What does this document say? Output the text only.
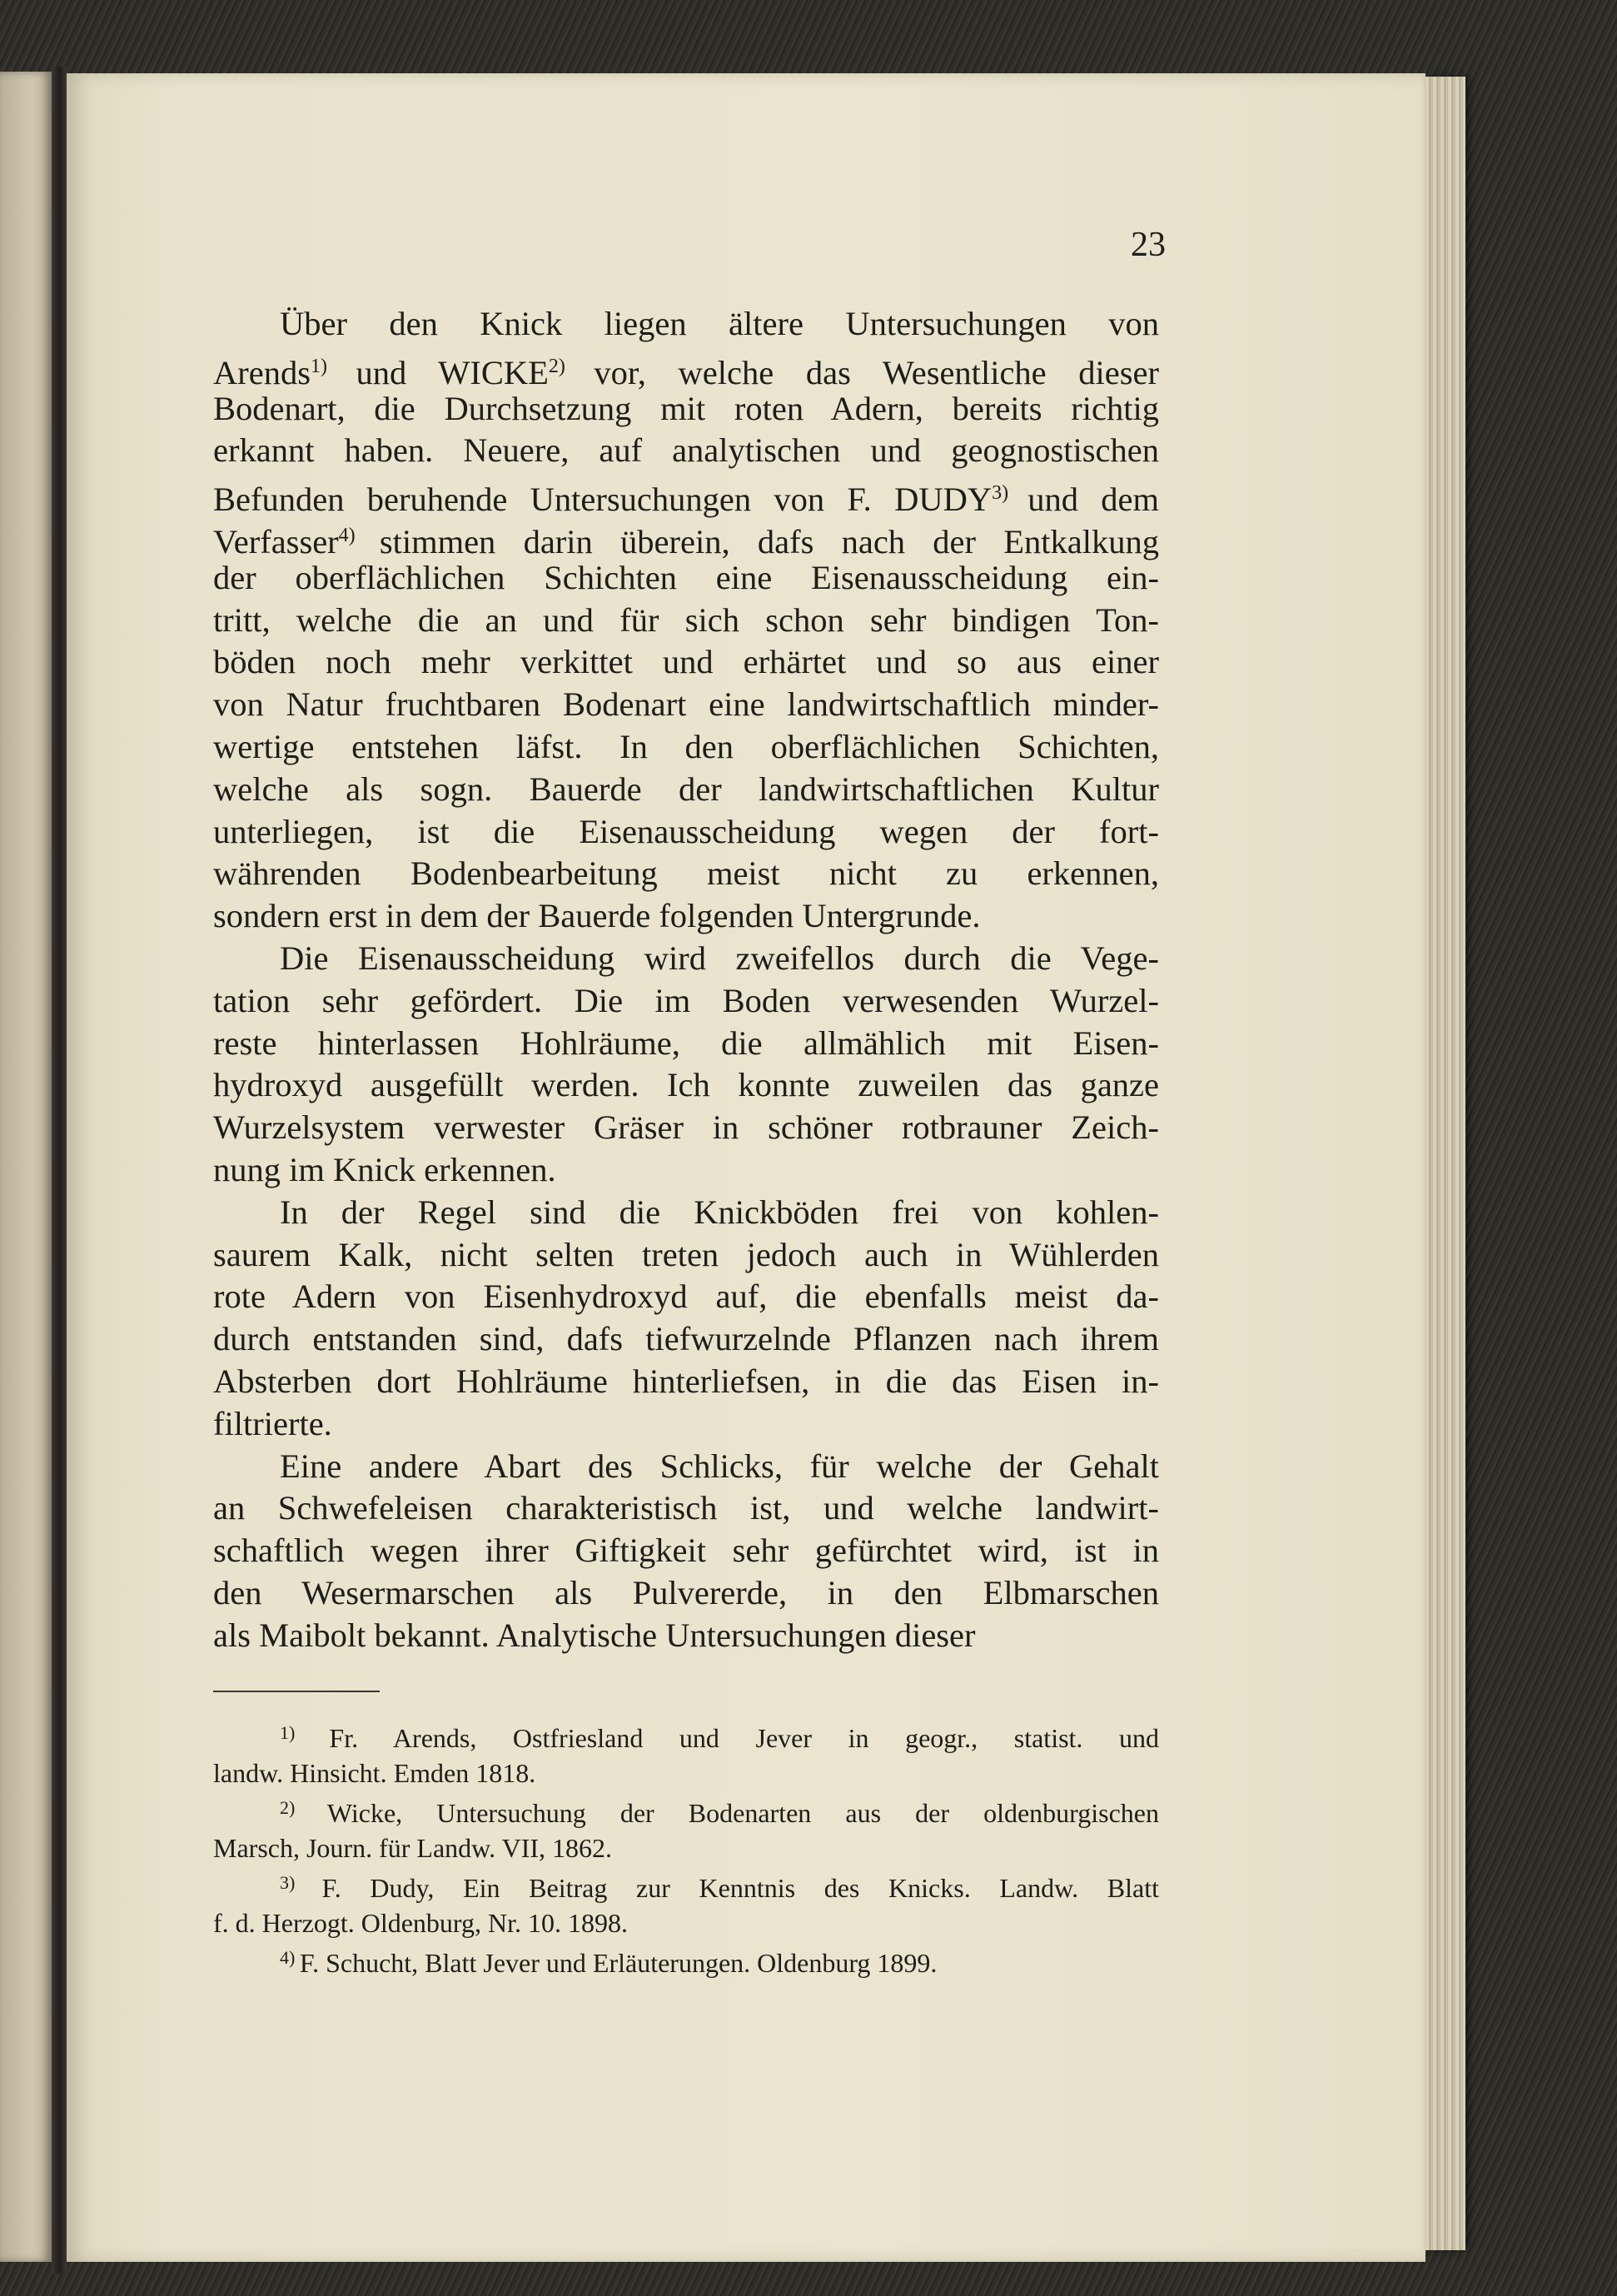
23
Über den Knick liegen ältere Untersuchungen von
Arends$^{1)}$ und WICKE$^{2)}$ vor, welche das Wesentliche dieser
Bodenart, die Durchsetzung mit roten Adern, bereits richtig
erkannt haben. Neuere, auf analytischen und geognostischen
Befunden beruhende Untersuchungen von F. DUDY$^{3)}$ und dem
Verfasser$^{4)}$ stimmen darin überein, dafs nach der Entkalkung
der oberflächlichen Schichten eine Eisenausscheidung ein-
tritt, welche die an und für sich schon sehr bindigen Ton-
böden noch mehr verkittet und erhärtet und so aus einer
von Natur fruchtbaren Bodenart eine landwirtschaftlich minder-
wertige entstehen läfst. In den oberflächlichen Schichten,
welche als sogn. Bauerde der landwirtschaftlichen Kultur
unterliegen, ist die Eisenausscheidung wegen der fort-
währenden Bodenbearbeitung meist nicht zu erkennen,
sondern erst in dem der Bauerde folgenden Untergrunde.
Die Eisenausscheidung wird zweifellos durch die Vege-
tation sehr gefördert. Die im Boden verwesenden Wurzel-
reste hinterlassen Hohlräume, die allmählich mit Eisen-
hydroxyd ausgefüllt werden. Ich konnte zuweilen das ganze
Wurzelsystem verwester Gräser in schöner rotbrauner Zeich-
nung im Knick erkennen.
In der Regel sind die Knickböden frei von kohlen-
saurem Kalk, nicht selten treten jedoch auch in Wühlerden
rote Adern von Eisenhydroxyd auf, die ebenfalls meist da-
durch entstanden sind, dafs tiefwurzelnde Pflanzen nach ihrem
Absterben dort Hohlräume hinterliefsen, in die das Eisen in-
filtrierte.
Eine andere Abart des Schlicks, für welche der Gehalt
an Schwefeleisen charakteristisch ist, und welche landwirt-
schaftlich wegen ihrer Giftigkeit sehr gefürchtet wird, ist in
den Wesermarschen als Pulvererde, in den Elbmarschen
als Maibolt bekannt. Analytische Untersuchungen dieser
$^{1)}$ Fr. Arends, Ostfriesland und Jever in geogr., statist. und
landw. Hinsicht. Emden 1818.
$^{2)}$ Wicke, Untersuchung der Bodenarten aus der oldenburgischen
Marsch, Journ. für Landw. VII, 1862.
$^{3)}$ F. Dudy, Ein Beitrag zur Kenntnis des Knicks. Landw. Blatt
f. d. Herzogt. Oldenburg, Nr. 10. 1898.
$^{4)}$ F. Schucht, Blatt Jever und Erläuterungen. Oldenburg 1899.
